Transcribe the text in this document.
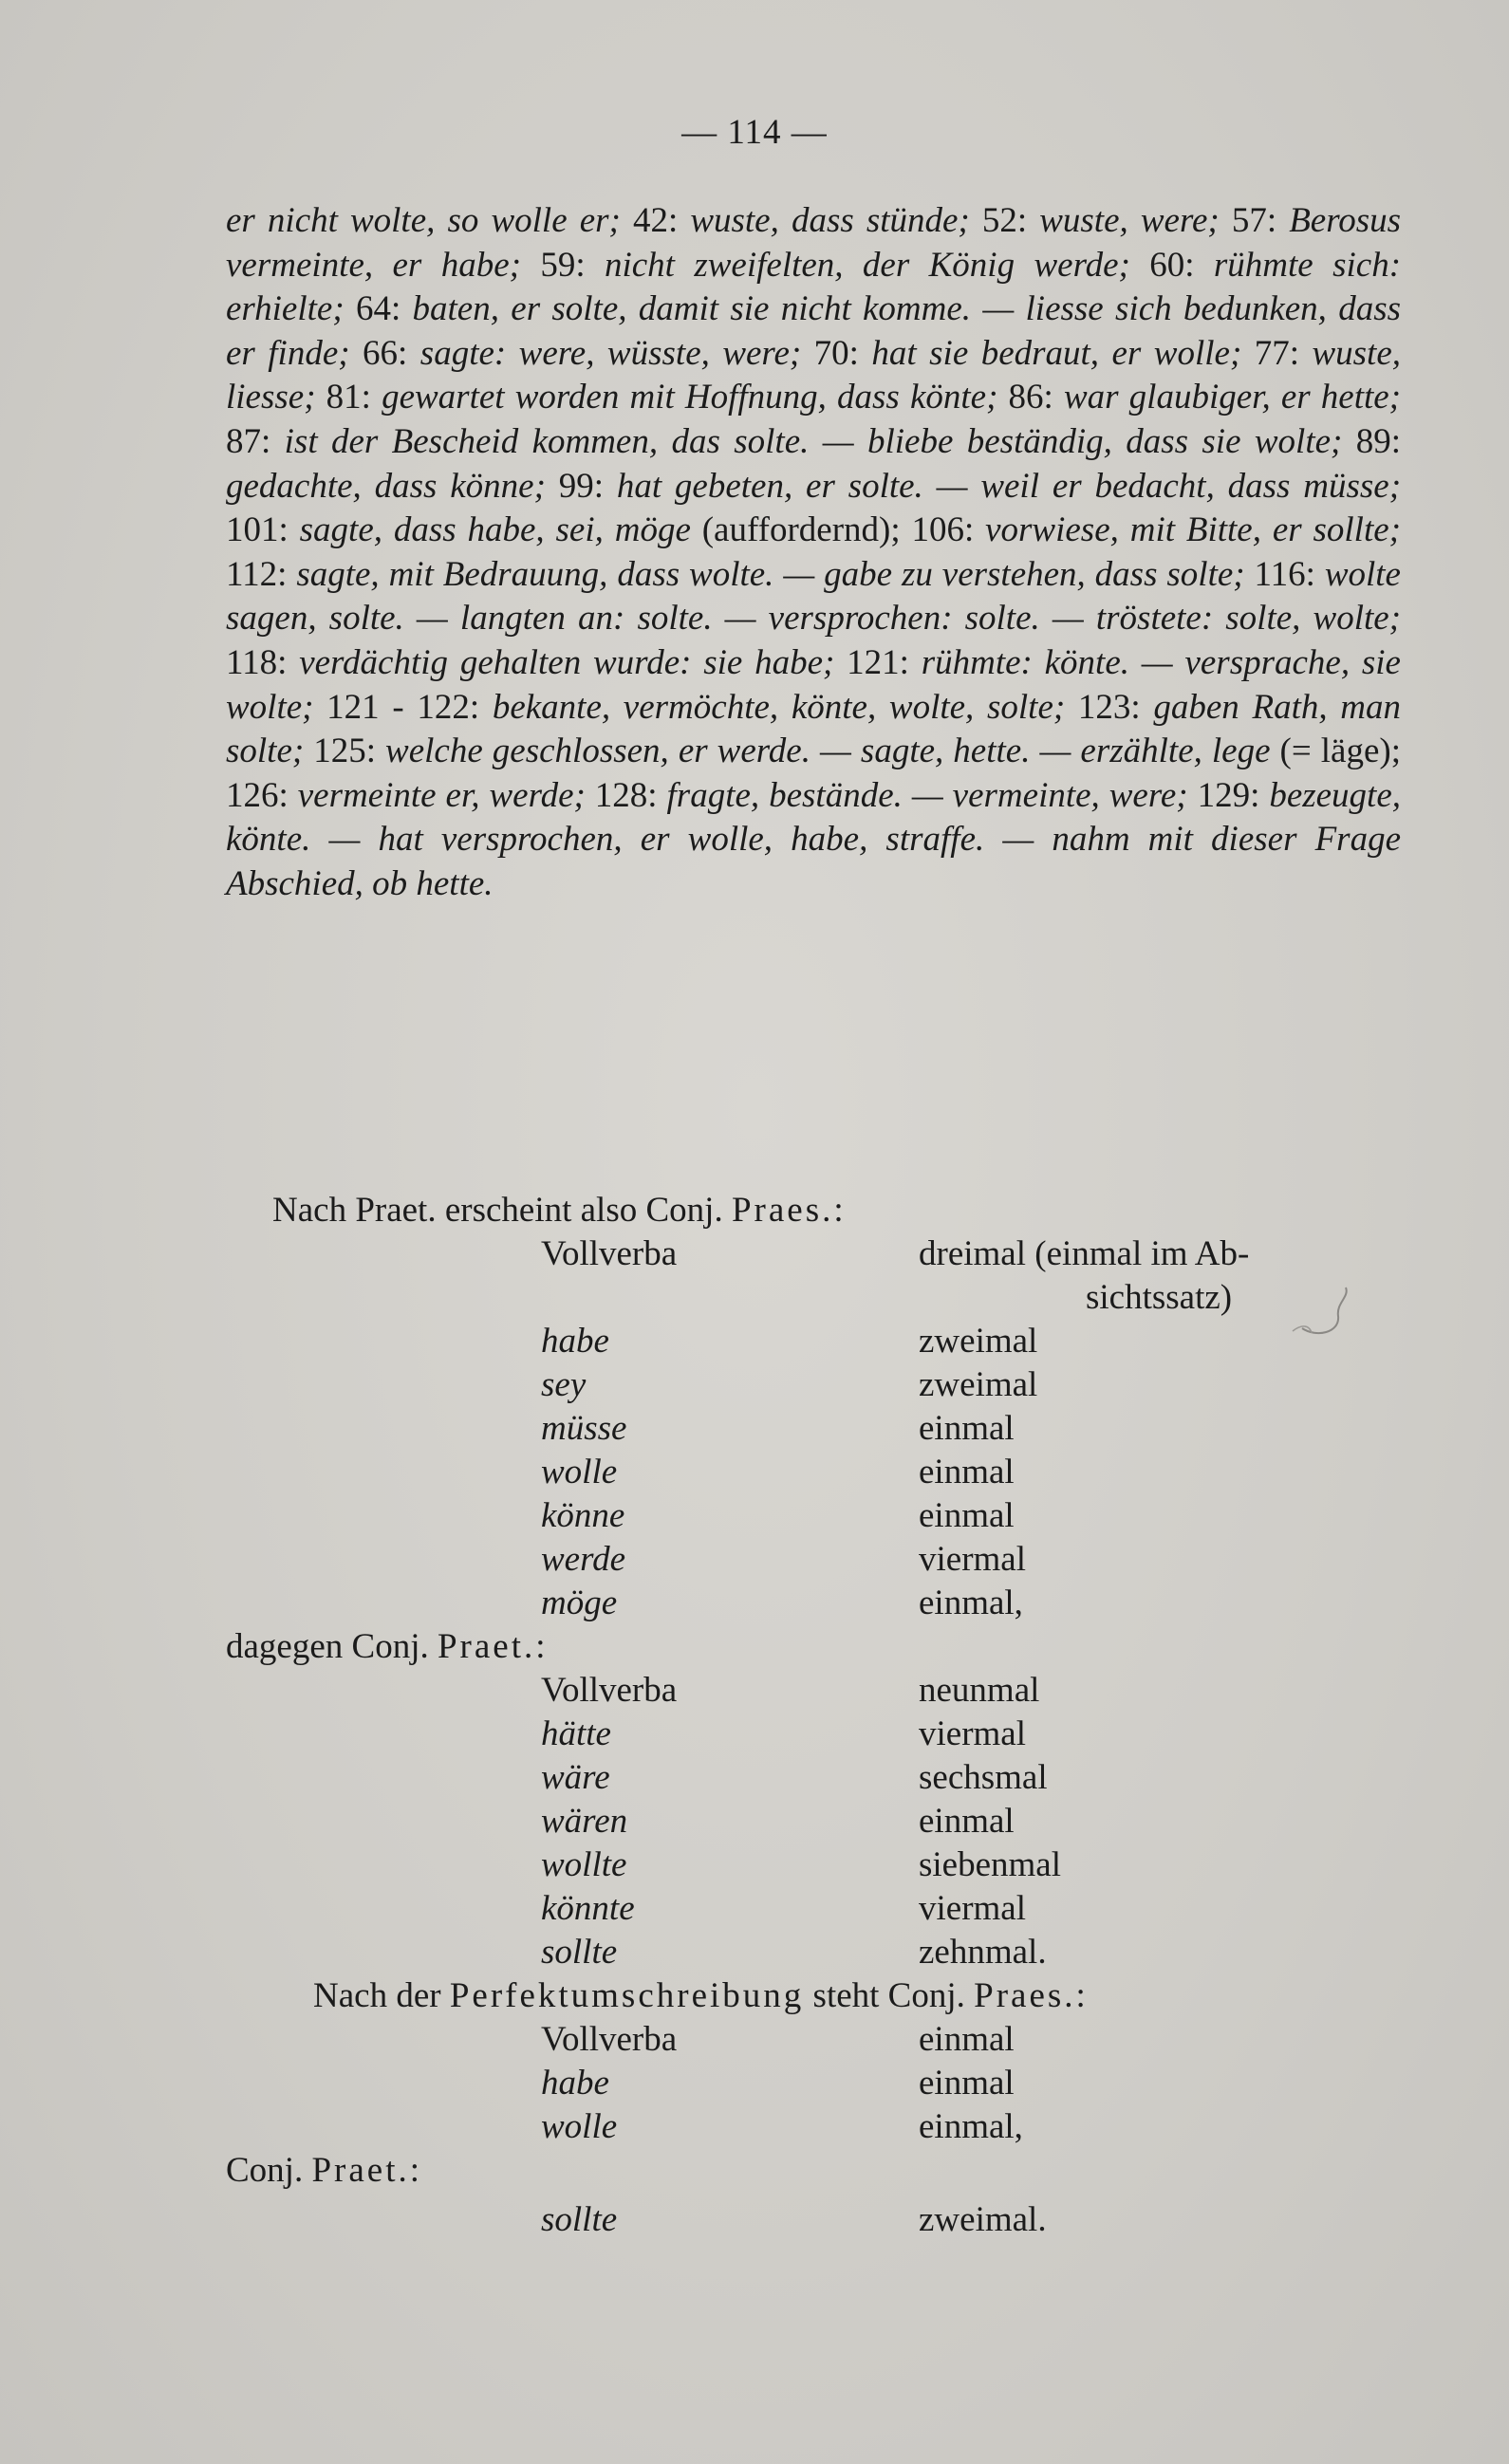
— 114 —

er nicht wolte, so wolle er; 42: wuste, dass stünde; 52: wuste, were; 57: Berosus vermeinte, er habe; 59: nicht zweifelten, der König werde; 60: rühmte sich: erhielte; 64: baten, er solte, damit sie nicht komme. — liesse sich bedunken, dass er finde; 66: sagte: were, wüsste, were; 70: hat sie bedraut, er wolle; 77: wuste, liesse; 81: gewartet worden mit Hoffnung, dass könte; 86: war glaubiger, er hette; 87: ist der Bescheid kommen, das solte. — bliebe beständig, dass sie wolte; 89: gedachte, dass könne; 99: hat gebeten, er solte. — weil er bedacht, dass müsse; 101: sagte, dass habe, sei, möge (auffordernd); 106: vorwiese, mit Bitte, er sollte; 112: sagte, mit Bedrauung, dass wolte. — gabe zu verstehen, dass solte; 116: wolte sagen, solte. — langten an: solte. — versprochen: solte. — tröstete: solte, wolte; 118: verdächtig gehalten wurde: sie habe; 121: rühmte: könte. — versprache, sie wolte; 121 - 122: bekante, vermöchte, könte, wolte, solte; 123: gaben Rath, man solte; 125: welche geschlossen, er werde. — sagte, hette. — erzählte, lege (= läge); 126: vermeinte er, werde; 128: fragte, beständе. — vermeinte, were; 129: bezeugte, könte. — hat versprochen, er wolle, habe, straffe. — nahm mit dieser Frage Abschied, ob hette.

Nach Praet. erscheint also Conj. Praes.:
Vollverba	dreimal (einmal im Ab-
sichtssatz)
habe	zweimal
sey	zweimal
müsse	einmal
wolle	einmal
könne	einmal
werde	viermal
möge	einmal,
dagegen Conj. Praet.:
Vollverba	neunmal
hätte	viermal
wäre	sechsmal
wären	einmal
wollte	siebenmal
könnte	viermal
sollte	zehnmal.
Nach der Perfektumschreibung steht Conj. Praes.:
Vollverba	einmal
habe	einmal
wolle	einmal,
Conj. Praet.:
sollte	zweimal.
